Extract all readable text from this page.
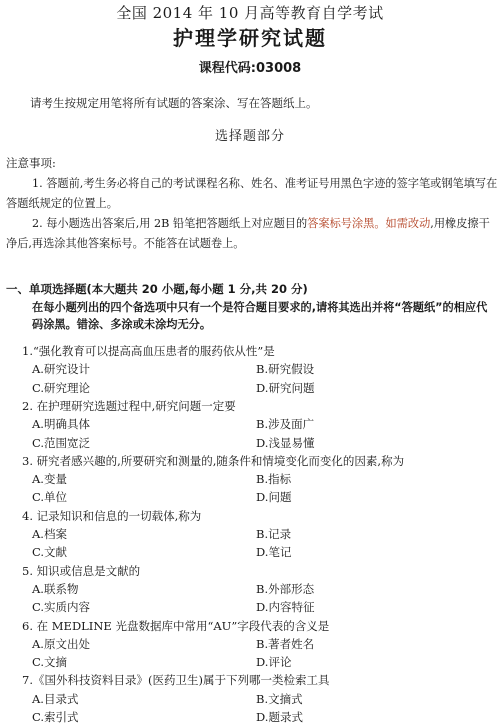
全国 2014 年 10 月高等教育自学考试
护理学研究试题
课程代码:03008
请考生按规定用笔将所有试题的答案涂、写在答题纸上。
选择题部分
注意事项:
1. 答题前,考生务必将自己的考试课程名称、姓名、准考证号用黑色字迹的签字笔或钢笔填写在答题纸规定的位置上。
2. 每小题选出答案后,用 2B 铅笔把答题纸上对应题目的答案标号涂黑。如需改动,用橡皮擦干净后,再选涂其他答案标号。不能答在试题卷上。
一、单项选择题(本大题共 20 小题,每小题 1 分,共 20 分)
在每小题列出的四个备选项中只有一个是符合题目要求的,请将其选出并将“答题纸”的相应代码涂黑。错涂、多涂或未涂均无分。
1.“强化教育可以提高高血压患者的服药依从性”是
A.研究设计	B.研究假设
C.研究理论	D.研究问题
2. 在护理研究选题过程中,研究问题一定要
A.明确具体	B.涉及面广
C.范围宽泛	D.浅显易懂
3. 研究者感兴趣的,所要研究和测量的,随条件和情境变化而变化的因素,称为
A.变量	B.指标
C.单位	D.问题
4. 记录知识和信息的一切载体,称为
A.档案	B.记录
C.文献	D.笔记
5. 知识或信息是文献的
A.联系物	B.外部形态
C.实质内容	D.内容特征
6. 在 MEDLINE 光盘数据库中常用“AU”字段代表的含义是
A.原文出处	B.著者姓名
C.文摘	D.评论
7.《国外科技资料目录》(医药卫生)属于下列哪一类检索工具
A.目录式	B.文摘式
C.索引式	D.题录式
